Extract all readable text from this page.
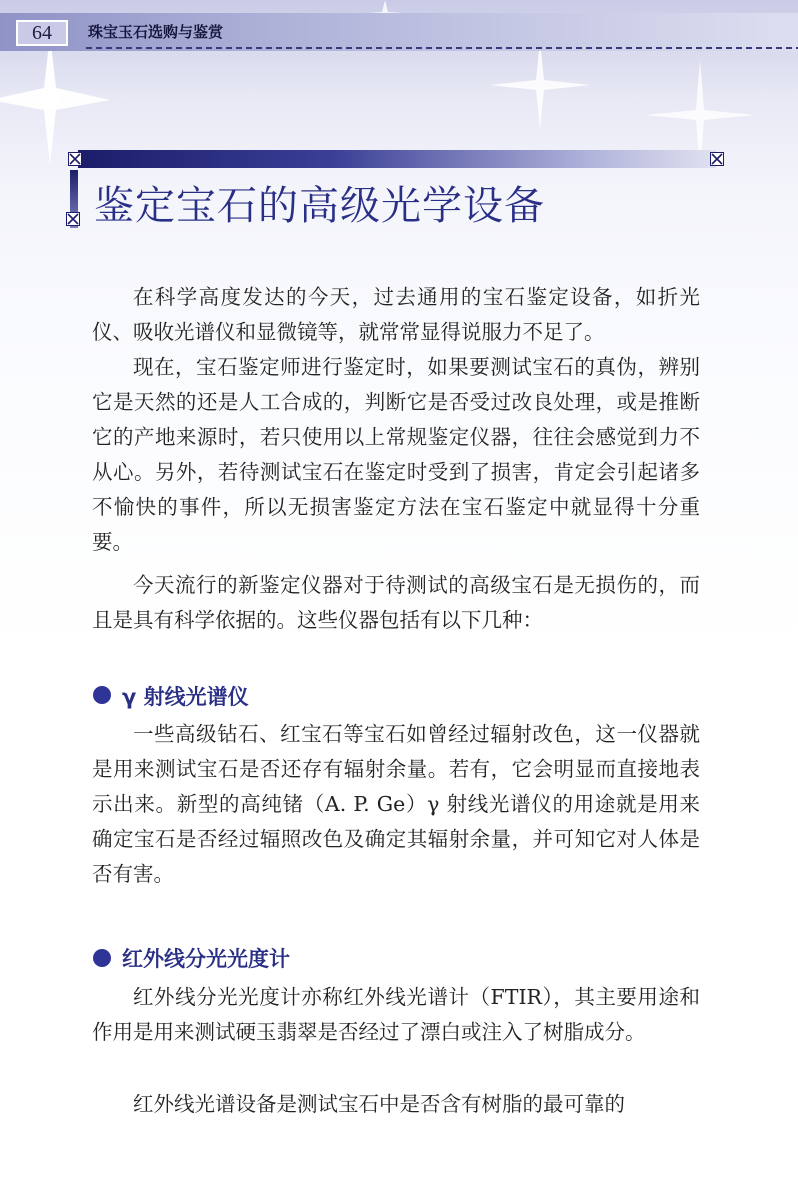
64	珠宝玉石选购与鉴赏
鉴定宝石的高级光学设备

在科学高度发达的今天，过去通用的宝石鉴定设备，如折光仪、吸收光谱仪和显微镜等，就常常显得说服力不足了。

现在，宝石鉴定师进行鉴定时，如果要测试宝石的真伪，辨别它是天然的还是人工合成的，判断它是否受过改良处理，或是推断它的产地来源时，若只使用以上常规鉴定仪器，往往会感觉到力不从心。另外，若待测试宝石在鉴定时受到了损害，肯定会引起诸多不愉快的事件，所以无损害鉴定方法在宝石鉴定中就显得十分重要。

今天流行的新鉴定仪器对于待测试的高级宝石是无损伤的，而且是具有科学依据的。这些仪器包括有以下几种：

γ 射线光谱仪

一些高级钻石、红宝石等宝石如曾经过辐射改色，这一仪器就是用来测试宝石是否还存有辐射余量。若有，它会明显而直接地表示出来。新型的高纯锗（A. P. Ge）γ 射线光谱仪的用途就是用来确定宝石是否经过辐照改色及确定其辐射余量，并可知它对人体是否有害。

红外线分光光度计

红外线分光光度计亦称红外线光谱计（FTIR），其主要用途和作用是用来测试硬玉翡翠是否经过了漂白或注入了树脂成分。

红外线光谱设备是测试宝石中是否含有树脂的最可靠的
